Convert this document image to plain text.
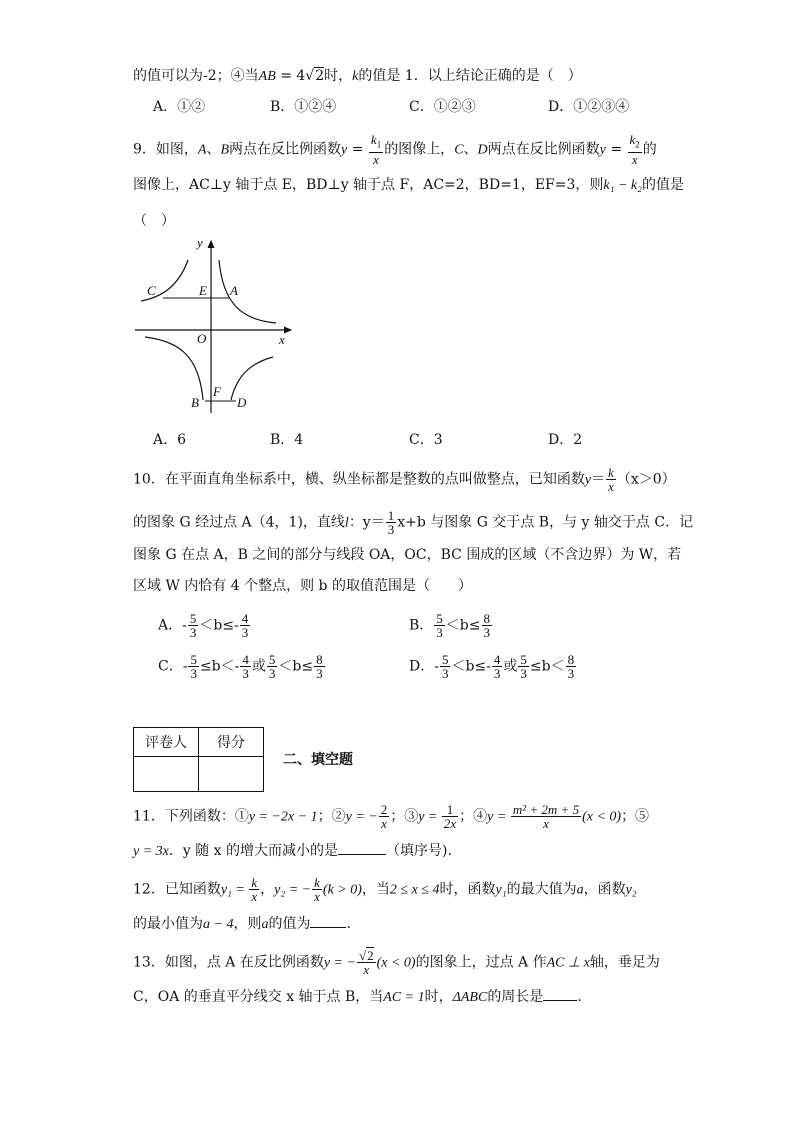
的值可以为-2；④当AB = 4√2时，k的值是 1．以上结论正确的是（　）
A．①②	B．①②④	C．①②③	D．①②③④
9．如图，A、B两点在反比例函数$y = \frac{k_1}{x}$ 的图像上，C、D两点在反比例函数$y = \frac{k_2}{x}$ 的
图像上，AC⊥y 轴于点 E，BD⊥y 轴于点 F，AC=2，BD=1，EF=3，则k₁ − k₂的值是
（　）
y
x
O
C	E A
B
F
D
A．6	B．4	C．3	D．2
10．在平面直角坐标系中，横、纵坐标都是整数的点叫做整点，已知函数$y= \frac{k}{x} (x>0)$
的图象 G 经过点 A（4，1)，直线l：$y= \frac{1}{3} x+b$ 与图象 G 交于点 B，与 y 轴交于点 C．记
图象 G 在点 A，B 之间的部分与线段 OA，OC，BC 围成的区域（不含边界）为 W，若
区域 W 内恰有 4 个整点，则 b 的取值范围是（　　）
A．- $\frac{5}{3} <b\le- \frac{4}{3}$	B． $\frac{5}{3} <b\le \frac{8}{3}$
C．- $\frac{5}{3} \le b<- \frac{4}{3}$ 或 $\frac{5}{3} <b\le \frac{8}{3}$	D．- $\frac{5}{3} <b\le- \frac{4}{3}$ 或 $\frac{5}{3} \le b< \frac{8}{3}$
评卷人	得分

二、填空题
11．下列函数：①y = −2x − 1；②y = − $\frac{2}{x}$ ；③y = $\frac{1}{2x}$ ；④y = $\frac{\text{m² + 2m + 5}}{x} (x < 0)$；⑤
y = 3x．y 随 x 的增大而减小的是	（填序号).
12．已知函数$y_1 = \frac{k}{x}$ ，y₂ = − $\frac{k}{x} (k > 0)$，当2 ≤ x ≤ 4时，函数y₁的最大值为a，函数y₂
的最小值为a − 4，则a的值为	.
13．如图，点 A 在反比例函数y = − $\frac{√2}{x} (x < 0)$的图象上，过点 A 作AC ⊥ x轴，垂足为
C，OA 的垂直平分线交 x 轴于点 B，当AC = 1时，ΔABC的周长是 .
